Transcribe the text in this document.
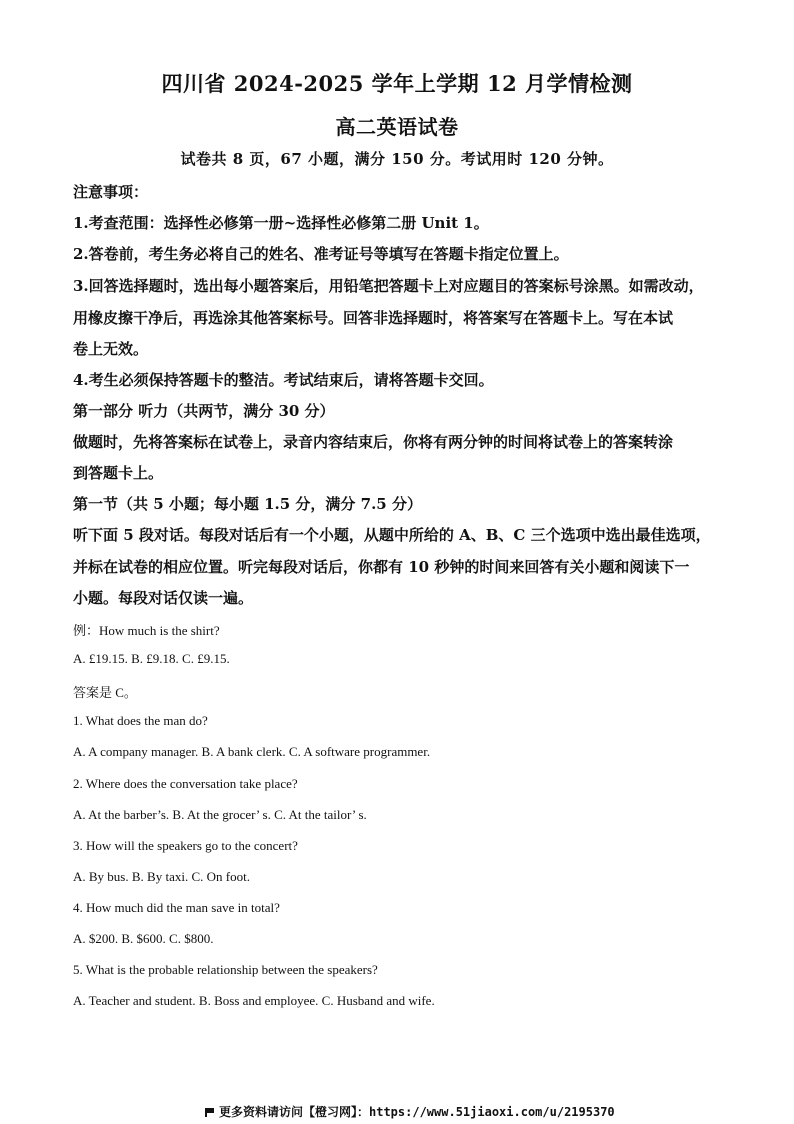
四川省 2024-2025 学年上学期 12 月学情检测
高二英语试卷
试卷共 8 页，67 小题，满分 150 分。考试用时 120 分钟。
注意事项：
1.考查范围：选择性必修第一册~选择性必修第二册 Unit 1。
2.答卷前，考生务必将自己的姓名、准考证号等填写在答题卡指定位置上。
3.回答选择题时，选出每小题答案后，用铅笔把答题卡上对应题目的答案标号涂黑。如需改动，
用橡皮擦干净后，再选涂其他答案标号。回答非选择题时，将答案写在答题卡上。写在本试
卷上无效。
4.考生必须保持答题卡的整洁。考试结束后，请将答题卡交回。
第一部分 听力（共两节，满分 30 分）
做题时，先将答案标在试卷上，录音内容结束后，你将有两分钟的时间将试卷上的答案转涂
到答题卡上。
第一节（共 5 小题；每小题 1.5 分，满分 7.5 分）
听下面 5 段对话。每段对话后有一个小题，从题中所给的 A、B、C 三个选项中选出最佳选项，
并标在试卷的相应位置。听完每段对话后，你都有 10 秒钟的时间来回答有关小题和阅读下一
小题。每段对话仅读一遍。
例：How much is the shirt?
A. £19.15. B. £9.18. C. £9.15.
答案是 C。
1. What does the man do?
A. A company manager. B. A bank clerk. C. A software programmer.
2. Where does the conversation take place?
A. At the barber’s. B. At the grocer’ s. C. At the tailor’ s.
3. How will the speakers go to the concert?
A. By bus. B. By taxi. C. On foot.
4. How much did the man save in total?
A. $200. B. $600. C. $800.
5. What is the probable relationship between the speakers?
A. Teacher and student. B. Boss and employee. C. Husband and wife.
更多资料请访问【橙习网】：https://www.51jiaoxi.com/u/2195370
